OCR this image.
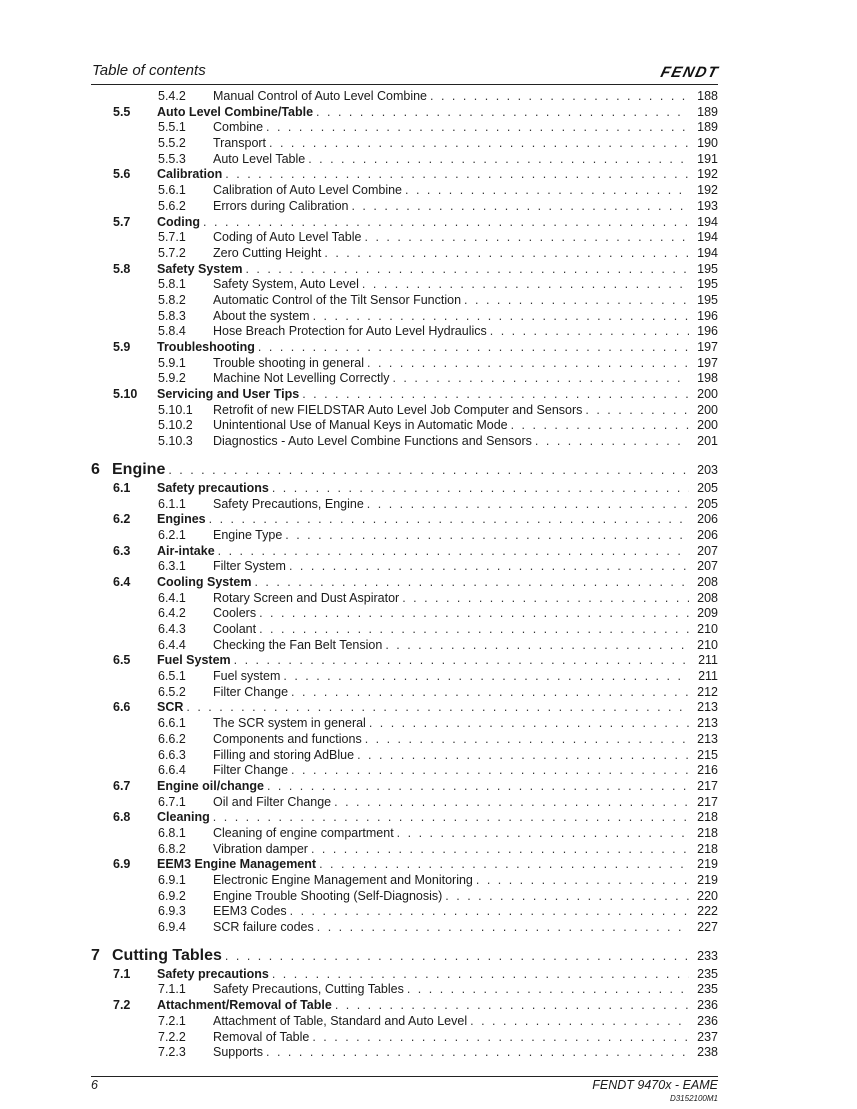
Table of contents	FENDT
5.4.2	Manual Control of Auto Level Combine . . .	188
5.5	Auto Level Combine/Table . . .	189
5.5.1	Combine . . .	189
5.5.2	Transport . . .	190
5.5.3	Auto Level Table . . .	191
5.6	Calibration . . .	192
5.6.1	Calibration of Auto Level Combine . . .	192
5.6.2	Errors during Calibration . . .	193
5.7	Coding . . .	194
5.7.1	Coding of Auto Level Table . . .	194
5.7.2	Zero Cutting Height . . .	194
5.8	Safety System . . .	195
5.8.1	Safety System, Auto Level . . .	195
5.8.2	Automatic Control of the Tilt Sensor Function . . .	195
5.8.3	About the system . . .	196
5.8.4	Hose Breach Protection for Auto Level Hydraulics . . .	196
5.9	Troubleshooting . . .	197
5.9.1	Trouble shooting in general . . .	197
5.9.2	Machine Not Levelling Correctly . . .	198
5.10	Servicing and User Tips . . .	200
5.10.1	Retrofit of new FIELDSTAR Auto Level Job Computer and Sensors . . .	200
5.10.2	Unintentional Use of Manual Keys in Automatic Mode . . .	200
5.10.3	Diagnostics - Auto Level Combine Functions and Sensors . . .	201
6 Engine . . .	203
6.1	Safety precautions . . .	205
6.1.1	Safety Precautions, Engine . . .	205
6.2	Engines . . .	206
6.2.1	Engine Type . . .	206
6.3	Air-intake . . .	207
6.3.1	Filter System . . .	207
6.4	Cooling System . . .	208
6.4.1	Rotary Screen and Dust Aspirator . . .	208
6.4.2	Coolers . . .	209
6.4.3	Coolant . . .	210
6.4.4	Checking the Fan Belt Tension . . .	210
6.5	Fuel System . . .	211
6.5.1	Fuel system . . .	211
6.5.2	Filter Change . . .	212
6.6	SCR . . .	213
6.6.1	The SCR system in general . . .	213
6.6.2	Components and functions . . .	213
6.6.3	Filling and storing AdBlue . . .	215
6.6.4	Filter Change . . .	216
6.7	Engine oil/change . . .	217
6.7.1	Oil and Filter Change . . .	217
6.8	Cleaning . . .	218
6.8.1	Cleaning of engine compartment . . .	218
6.8.2	Vibration damper . . .	218
6.9	EEM3 Engine Management . . .	219
6.9.1	Electronic Engine Management and Monitoring . . .	219
6.9.2	Engine Trouble Shooting (Self-Diagnosis) . . .	220
6.9.3	EEM3 Codes . . .	222
6.9.4	SCR failure codes . . .	227
7 Cutting Tables . . .	233
7.1	Safety precautions . . .	235
7.1.1	Safety Precautions, Cutting Tables . . .	235
7.2	Attachment/Removal of Table . . .	236
7.2.1	Attachment of Table, Standard and Auto Level . . .	236
7.2.2	Removal of Table . . .	237
7.2.3	Supports . . .	238
6	FENDT 9470x - EAME
D3152100M1
